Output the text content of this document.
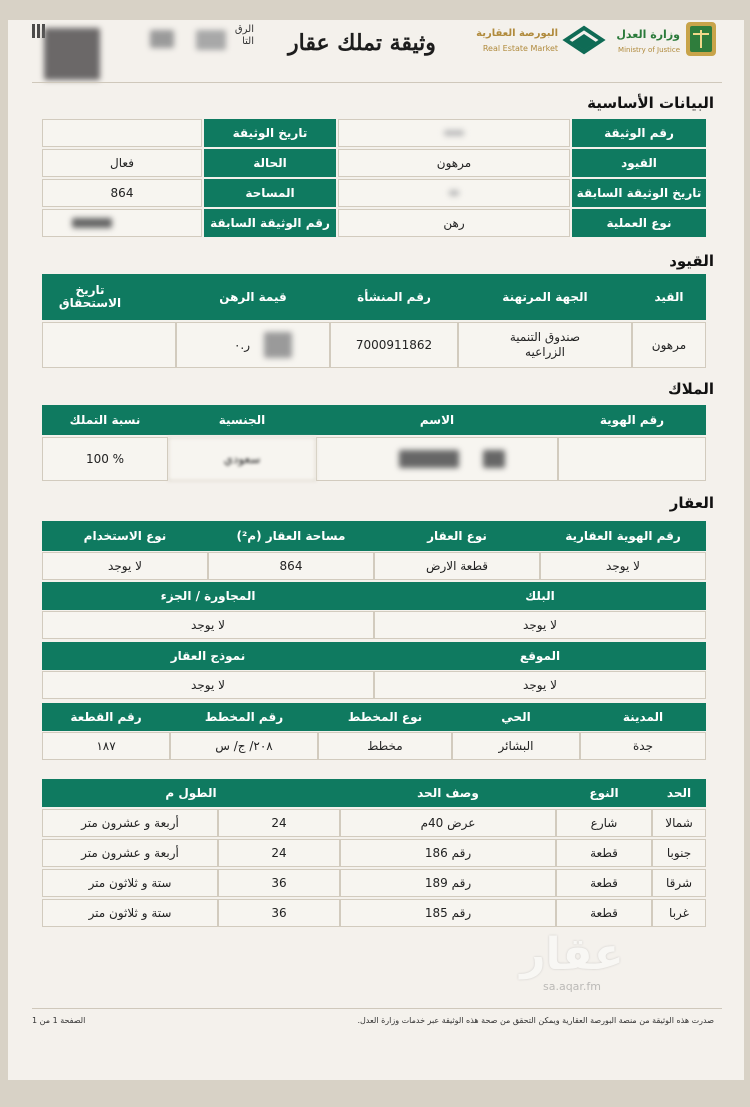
الرق
التا	وثيقة تملك عقار	البورصة العقارية
Real Estate Market
وزارة العدل
Ministry of Justice
البيانات الأساسية
رقم الوثيقة
القيود
تاريخ الوثيقة السابقة
نوع العملية
مرهون
رهن
تاريخ الوثيقة
الحالة
المساحة
رقم الوثيقة السابقة
فعال
864
القيود
القيد
الجهة المرتهنة
رقم المنشأة
قيمة الرهن
تاريخ الاستحقاق
مرهون
صندوق التنمية الزراعيه
7000911862
ر.٠
الملاك
رقم الهوية
الاسم
الجنسية
نسبة التملك
سعودي
100 %
العقار
رقم الهوية العقارية
نوع العقار
مساحة العقار (م²)
نوع الاستخدام
لا يوجد
قطعة الارض
864
لا يوجد
البلك
المجاورة / الجزء
لا يوجد
لا يوجد
الموقع
نموذج العقار
لا يوجد
لا يوجد
المدينة
الحي
نوع المخطط
رقم المخطط
رقم القطعة
جدة
البشائر
مخطط
٢٠٨/ ج/ س
١٨٧
الحد
النوع
وصف الحد
الطول م
شمالا
شارع
عرض 40م
24
أربعة و عشرون متر
جنوبا
قطعة
رقم 186
24
أربعة و عشرون متر
شرقا
قطعة
رقم 189
36
ستة و ثلاثون متر
غربا
قطعة
رقم 185
36
ستة و ثلاثون متر
عقار
sa.aqar.fm
صدرت هذه الوثيقة من منصة البورصة العقارية ويمكن التحقق من صحة هذه الوثيقة عبر خدمات وزارة العدل.
الصفحة 1 من 1
